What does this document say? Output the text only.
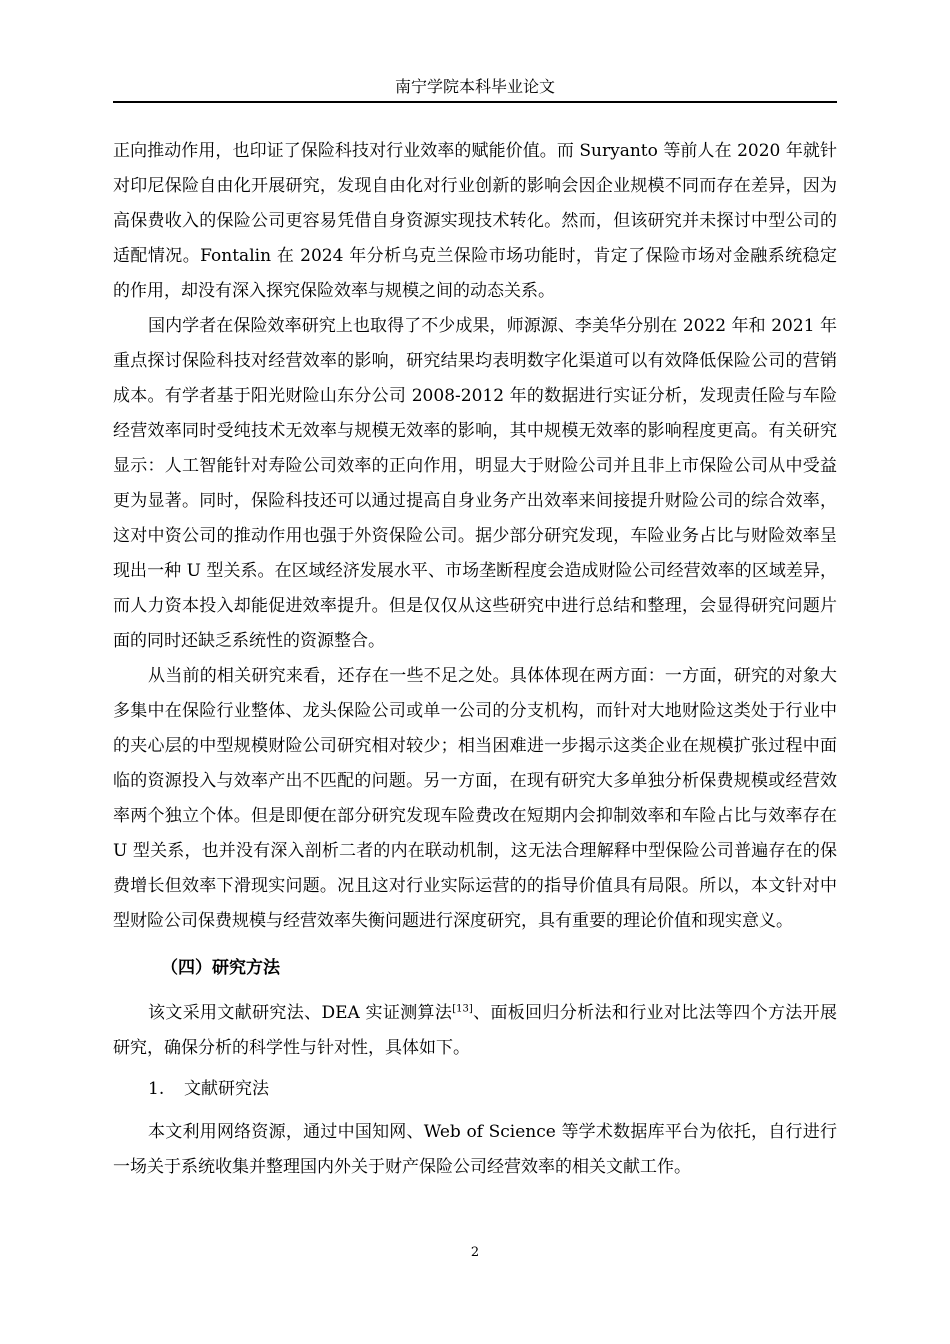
南宁学院本科毕业论文

正向推动作用，也印证了保险科技对行业效率的赋能价值。而 Suryanto 等前人在 2020 年就针对印尼保险自由化开展研究，发现自由化对行业创新的影响会因企业规模不同而存在差异，因为高保费收入的保险公司更容易凭借自身资源实现技术转化。然而，但该研究并未探讨中型公司的适配情况。Fontalin 在 2024 年分析乌克兰保险市场功能时，肯定了保险市场对金融系统稳定的作用，却没有深入探究保险效率与规模之间的动态关系。

国内学者在保险效率研究上也取得了不少成果，师源源、李美华分别在 2022 年和 2021 年重点探讨保险科技对经营效率的影响，研究结果均表明数字化渠道可以有效降低保险公司的营销成本。有学者基于阳光财险山东分公司 2008-2012 年的数据进行实证分析，发现责任险与车险经营效率同时受纯技术无效率与规模无效率的影响，其中规模无效率的影响程度更高。有关研究显示：人工智能针对寿险公司效率的正向作用，明显大于财险公司并且非上市保险公司从中受益更为显著。同时，保险科技还可以通过提高自身业务产出效率来间接提升财险公司的综合效率，这对中资公司的推动作用也强于外资保险公司。据少部分研究发现，车险业务占比与财险效率呈现出一种 U 型关系。在区域经济发展水平、市场垄断程度会造成财险公司经营效率的区域差异，而人力资本投入却能促进效率提升。但是仅仅从这些研究中进行总结和整理，会显得研究问题片面的同时还缺乏系统性的资源整合。

从当前的相关研究来看，还存在一些不足之处。具体体现在两方面：一方面，研究的对象大多集中在保险行业整体、龙头保险公司或单一公司的分支机构，而针对大地财险这类处于行业中的夹心层的中型规模财险公司研究相对较少；相当困难进一步揭示这类企业在规模扩张过程中面临的资源投入与效率产出不匹配的问题。另一方面，在现有研究大多单独分析保费规模或经营效率两个独立个体。但是即便在部分研究发现车险费改在短期内会抑制效率和车险占比与效率存在 U 型关系，也并没有深入剖析二者的内在联动机制，这无法合理解释中型保险公司普遍存在的保费增长但效率下滑现实问题。况且这对行业实际运营的的指导价值具有局限。所以，本文针对中型财险公司保费规模与经营效率失衡问题进行深度研究，具有重要的理论价值和现实意义。

（四）研究方法

该文采用文献研究法、DEA 实证测算法[13]、面板回归分析法和行业对比法等四个方法开展研究，确保分析的科学性与针对性，具体如下。

1. 文献研究法

本文利用网络资源，通过中国知网、Web of Science 等学术数据库平台为依托，自行进行一场关于系统收集并整理国内外关于财产保险公司经营效率的相关文献工作。

2
